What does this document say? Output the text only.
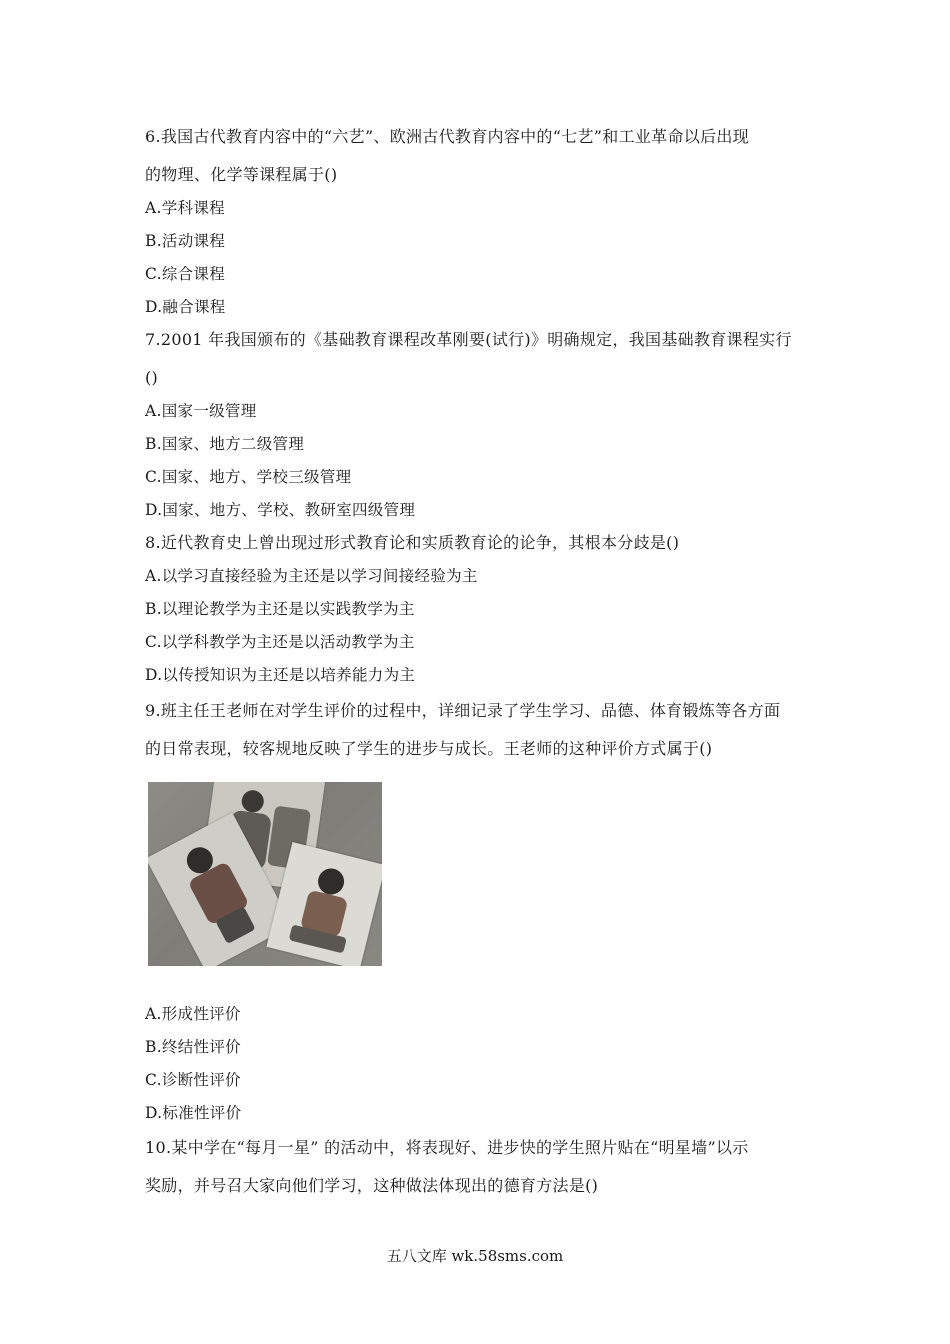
6.我国古代教育内容中的“六艺”、欧洲古代教育内容中的“七艺”和工业革命以后出现
的物理、化学等课程属于()
A.学科课程
B.活动课程
C.综合课程
D.融合课程
7.2001 年我国颁布的《基础教育课程改革刚要(试行)》明确规定，我国基础教育课程实行
()
A.国家一级管理
B.国家、地方二级管理
C.国家、地方、学校三级管理
D.国家、地方、学校、教研室四级管理
8.近代教育史上曾出现过形式教育论和实质教育论的论争，其根本分歧是()
A.以学习直接经验为主还是以学习间接经验为主
B.以理论教学为主还是以实践教学为主
C.以学科教学为主还是以活动教学为主
D.以传授知识为主还是以培养能力为主
9.班主任王老师在对学生评价的过程中，详细记录了学生学习、品德、体育锻炼等各方面
的日常表现，较客规地反映了学生的进步与成长。王老师的这种评价方式属于()
A.形成性评价
B.终结性评价
C.诊断性评价
D.标准性评价
10.某中学在“每月一星” 的活动中，将表现好、进步快的学生照片贴在“明星墙”以示
奖励，并号召大家向他们学习，这种做法体现出的德育方法是()
五八文库 wk.58sms.com
